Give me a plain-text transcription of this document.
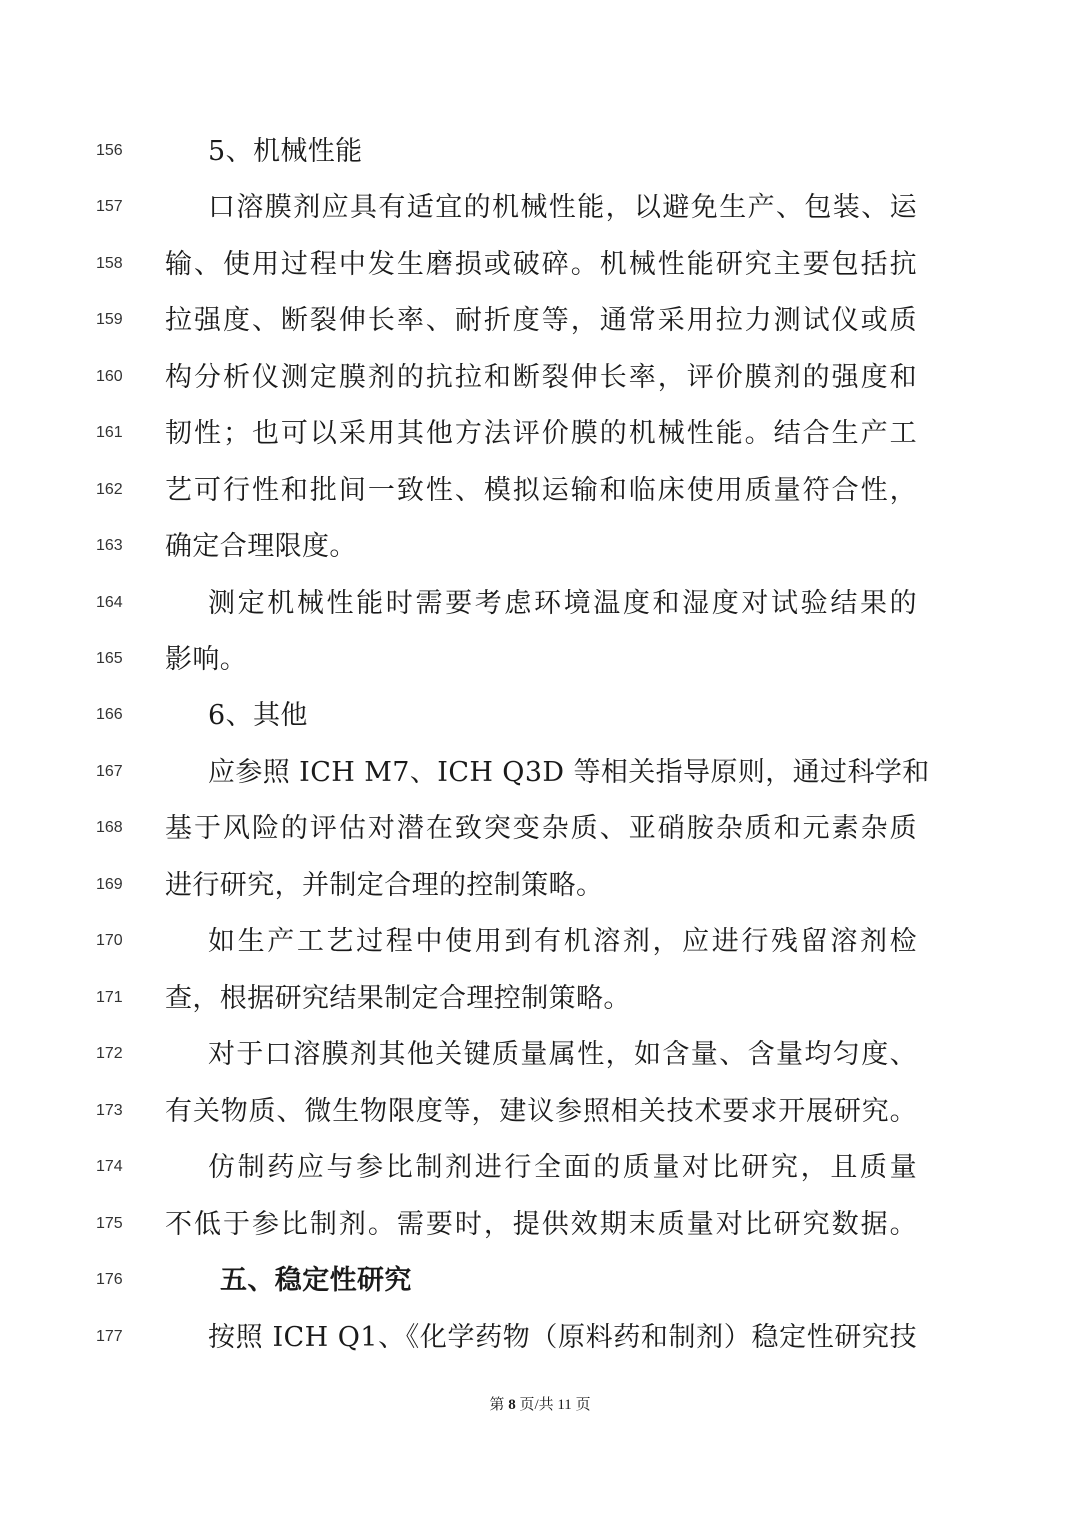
156	5、机械性能
157	口溶膜剂应具有适宜的机械性能，以避免生产、包装、运
158	输、使用过程中发生磨损或破碎。机械性能研究主要包括抗
159	拉强度、断裂伸长率、耐折度等，通常采用拉力测试仪或质
160	构分析仪测定膜剂的抗拉和断裂伸长率，评价膜剂的强度和
161	韧性；也可以采用其他方法评价膜的机械性能。结合生产工
162	艺可行性和批间一致性、模拟运输和临床使用质量符合性，
163	确定合理限度。
164	测定机械性能时需要考虑环境温度和湿度对试验结果的
165	影响。
166	6、其他
167	应参照 ICH M7、ICH Q3D 等相关指导原则，通过科学和
168	基于风险的评估对潜在致突变杂质、亚硝胺杂质和元素杂质
169	进行研究，并制定合理的控制策略。
170	如生产工艺过程中使用到有机溶剂，应进行残留溶剂检
171	查，根据研究结果制定合理控制策略。
172	对于口溶膜剂其他关键质量属性，如含量、含量均匀度、
173	有关物质、微生物限度等，建议参照相关技术要求开展研究。
174	仿制药应与参比制剂进行全面的质量对比研究，且质量
175	不低于参比制剂。需要时，提供效期末质量对比研究数据。
176	五、稳定性研究
177	按照 ICH Q1、《化学药物（原料药和制剂）稳定性研究技
第 8 页/共 11 页
